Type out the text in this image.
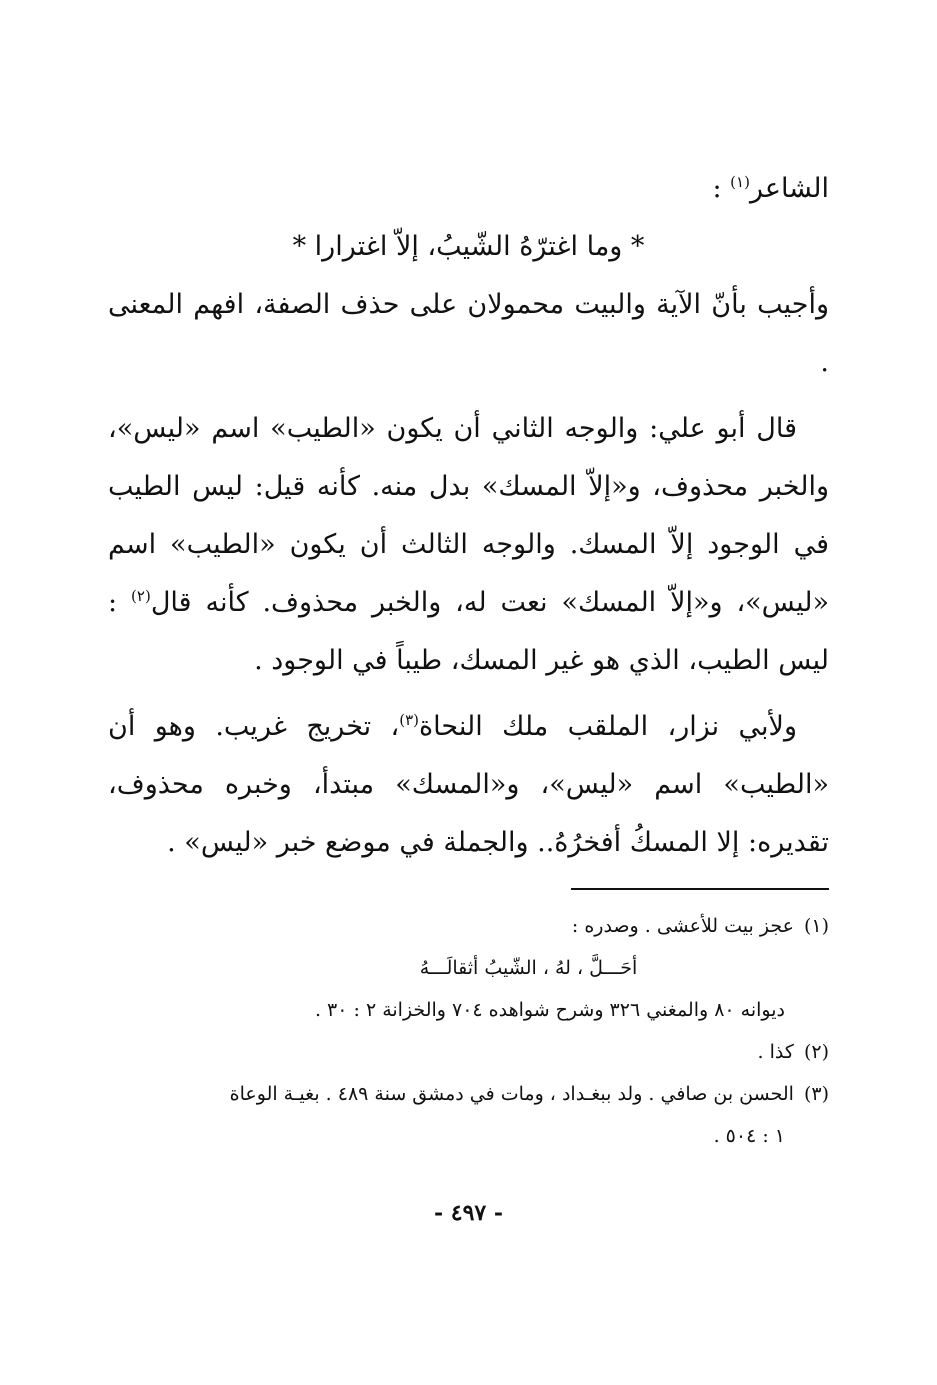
الشاعر$^{(١)}$ :

* وما اغترّهُ الشّيبُ، إلاّ اغترارا *

وأجيب بأنّ الآية والبيت محمولان على حذف الصفة، افهم المعنى .

قال أبو علي: والوجه الثاني أن يكون «الطيب» اسم «ليس»، والخبر محذوف، و«إلاّ المسك» بدل منه. كأنه قيل: ليس الطيب في الوجود إلاّ المسك. والوجه الثالث أن يكون «الطيب» اسم «ليس»، و«إلاّ المسك» نعت له، والخبر محذوف. كأنه قال$^{(٢)}$ : ليس الطيب، الذي هو غير المسك، طيباً في الوجود .

ولأبي نزار، الملقب ملك النحاة$^{(٣)}$، تخريج غريب. وهو أن «الطيب» اسم «ليس»، و«المسك» مبتدأ، وخبره محذوف، تقديره: إلا المسكُ أفخرُهُ.. والجملة في موضع خبر «ليس» .

(١)عجز بيت للأعشى . وصدره :

أحَـــلَّ ، لهُ ، الشّيبُ أثقالَـــهُ

ديوانه ٨٠ والمغني ٣٢٦ وشرح شواهده ٧٠٤ والخزانة ٢ : ٣٠ .

(٢)كذا .

(٣)الحسن بن صافي . ولد ببغـداد ، ومات في دمشق سنة ٤٨٩ . بغيـة الوعاة

١ : ٥٠٤ .

- ٤٩٧ -
